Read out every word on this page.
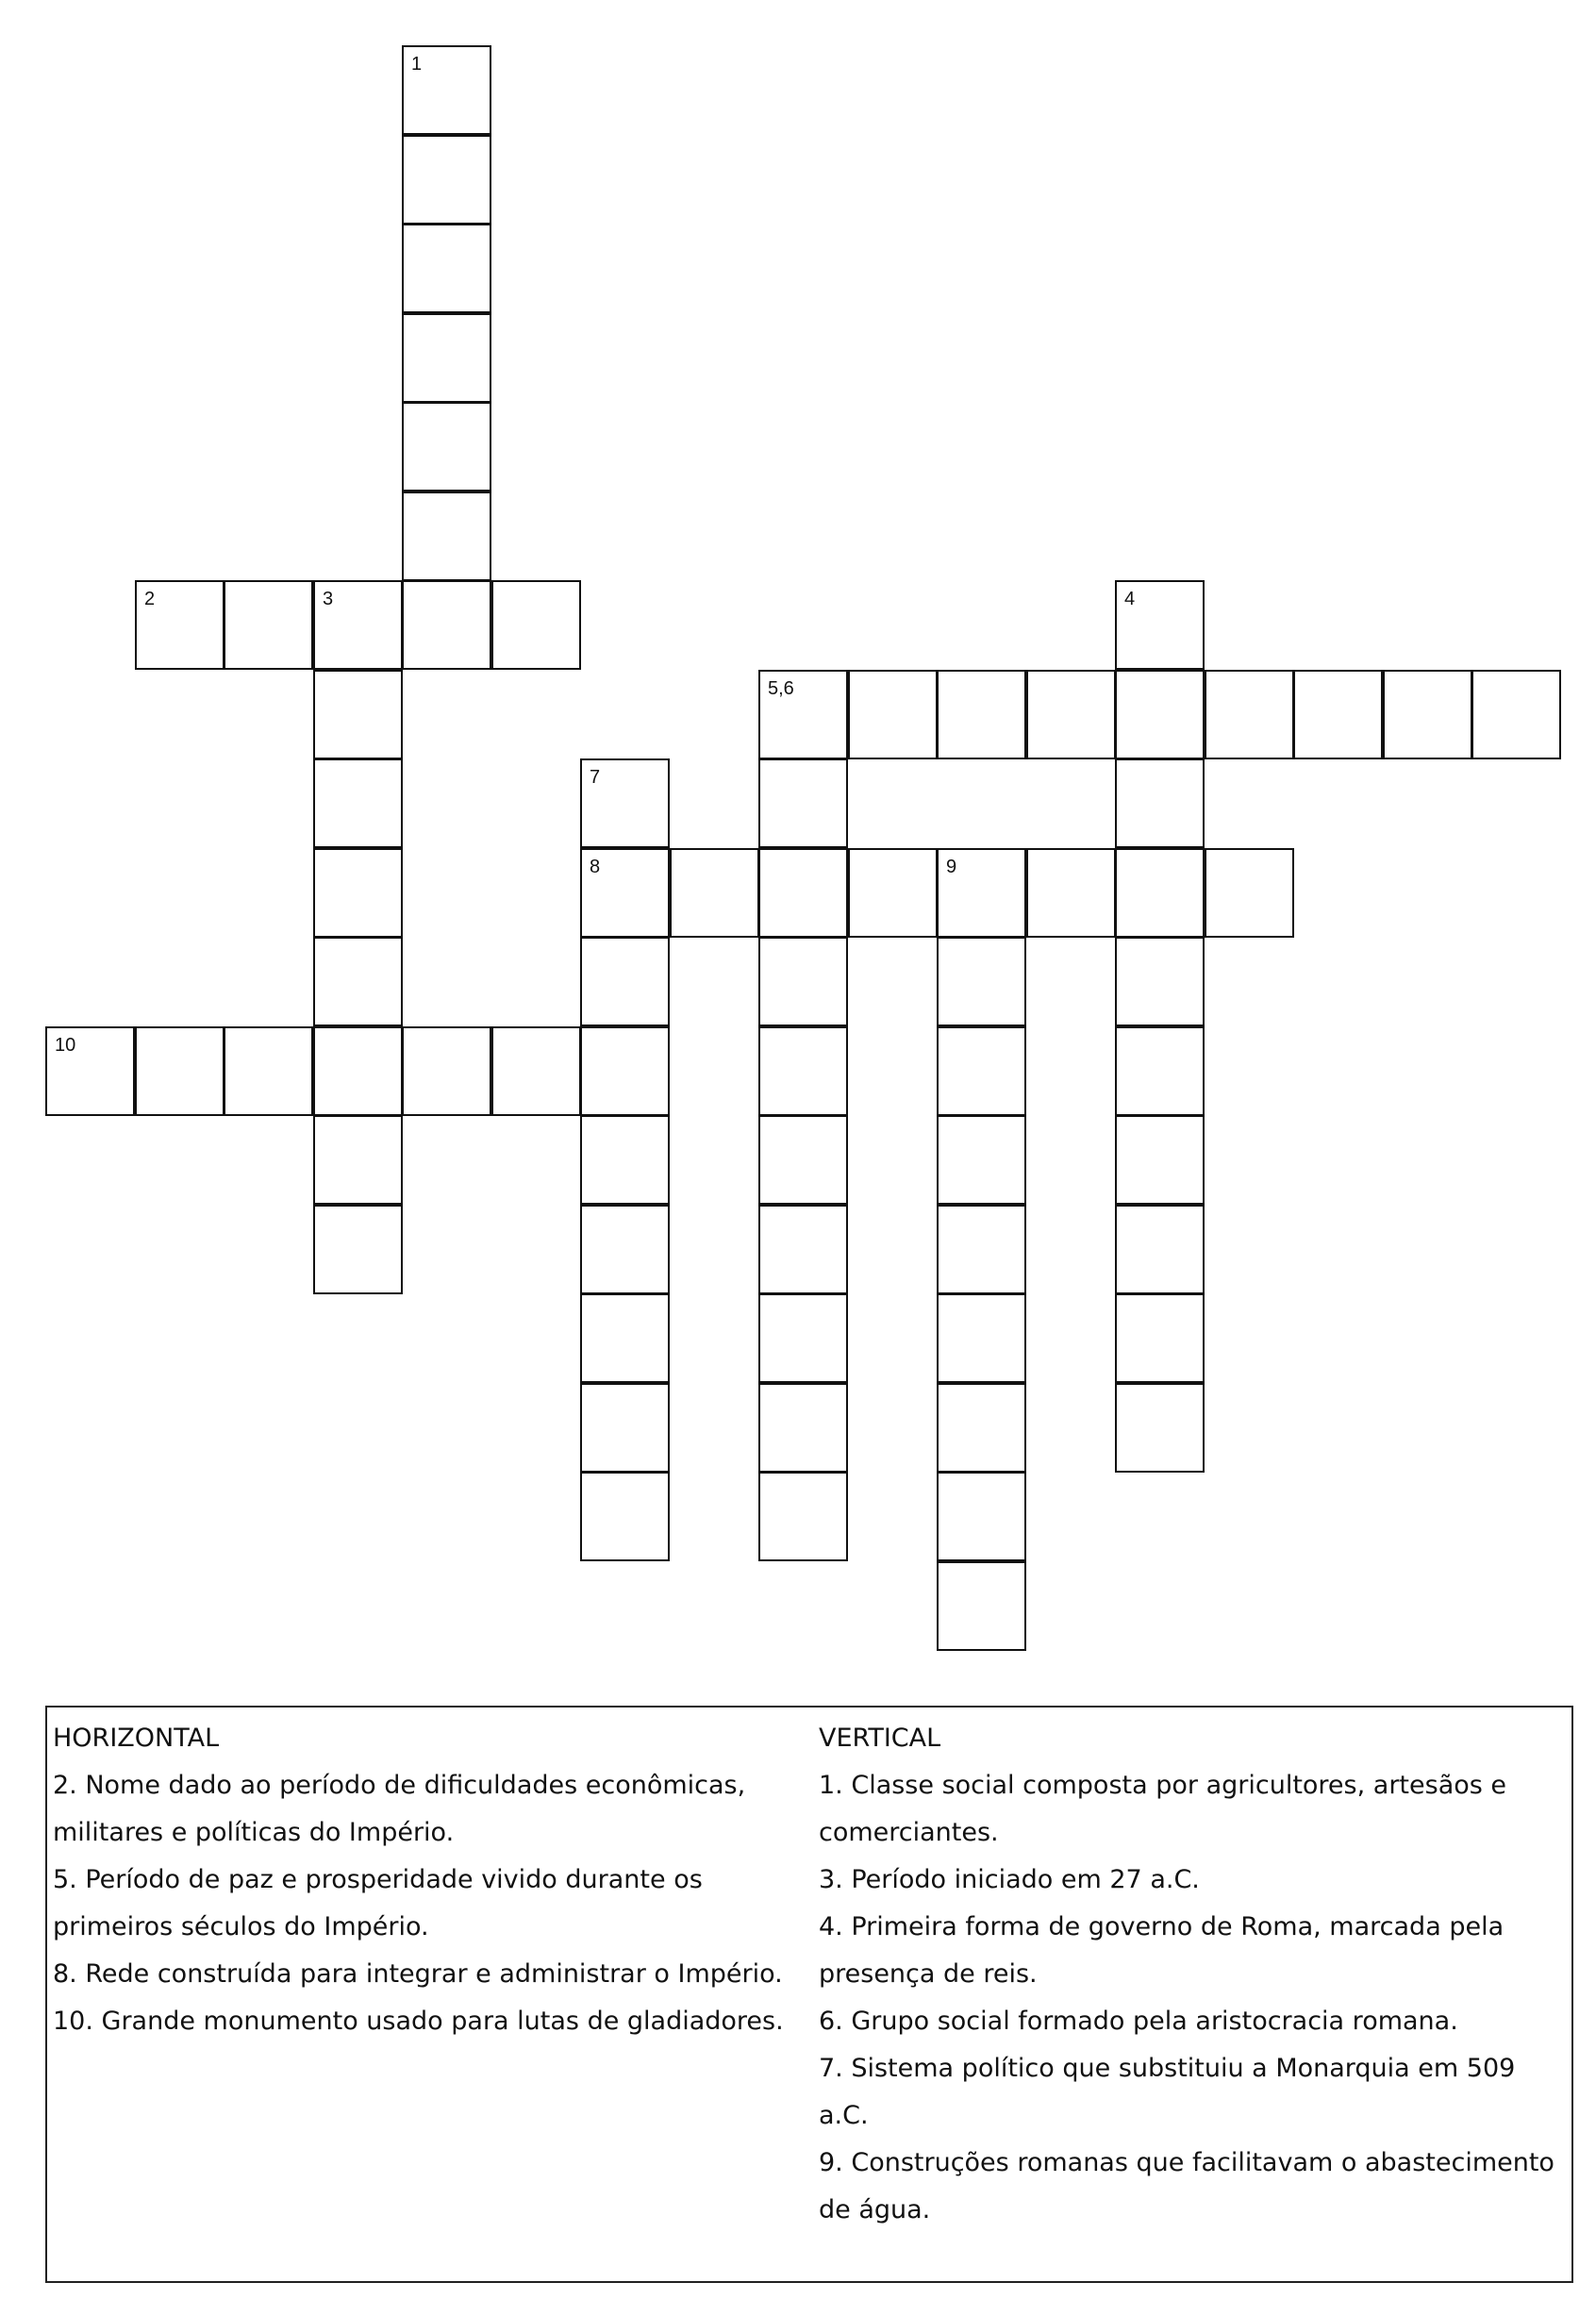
1
2	3	4
5,6
7
8	9
10

HORIZONTAL

2. Nome dado ao período de dificuldades econômicas,

militares e políticas do Império.

5. Período de paz e prosperidade vivido durante os

primeiros séculos do Império.

8. Rede construída para integrar e administrar o Império.

10. Grande monumento usado para lutas de gladiadores.

VERTICAL

1. Classe social composta por agricultores, artesãos e

comerciantes.

3. Período iniciado em 27 a.C.

4. Primeira forma de governo de Roma, marcada pela

presença de reis.

6. Grupo social formado pela aristocracia romana.

7. Sistema político que substituiu a Monarquia em 509

a.C.

9. Construções romanas que facilitavam o abastecimento

de água.
